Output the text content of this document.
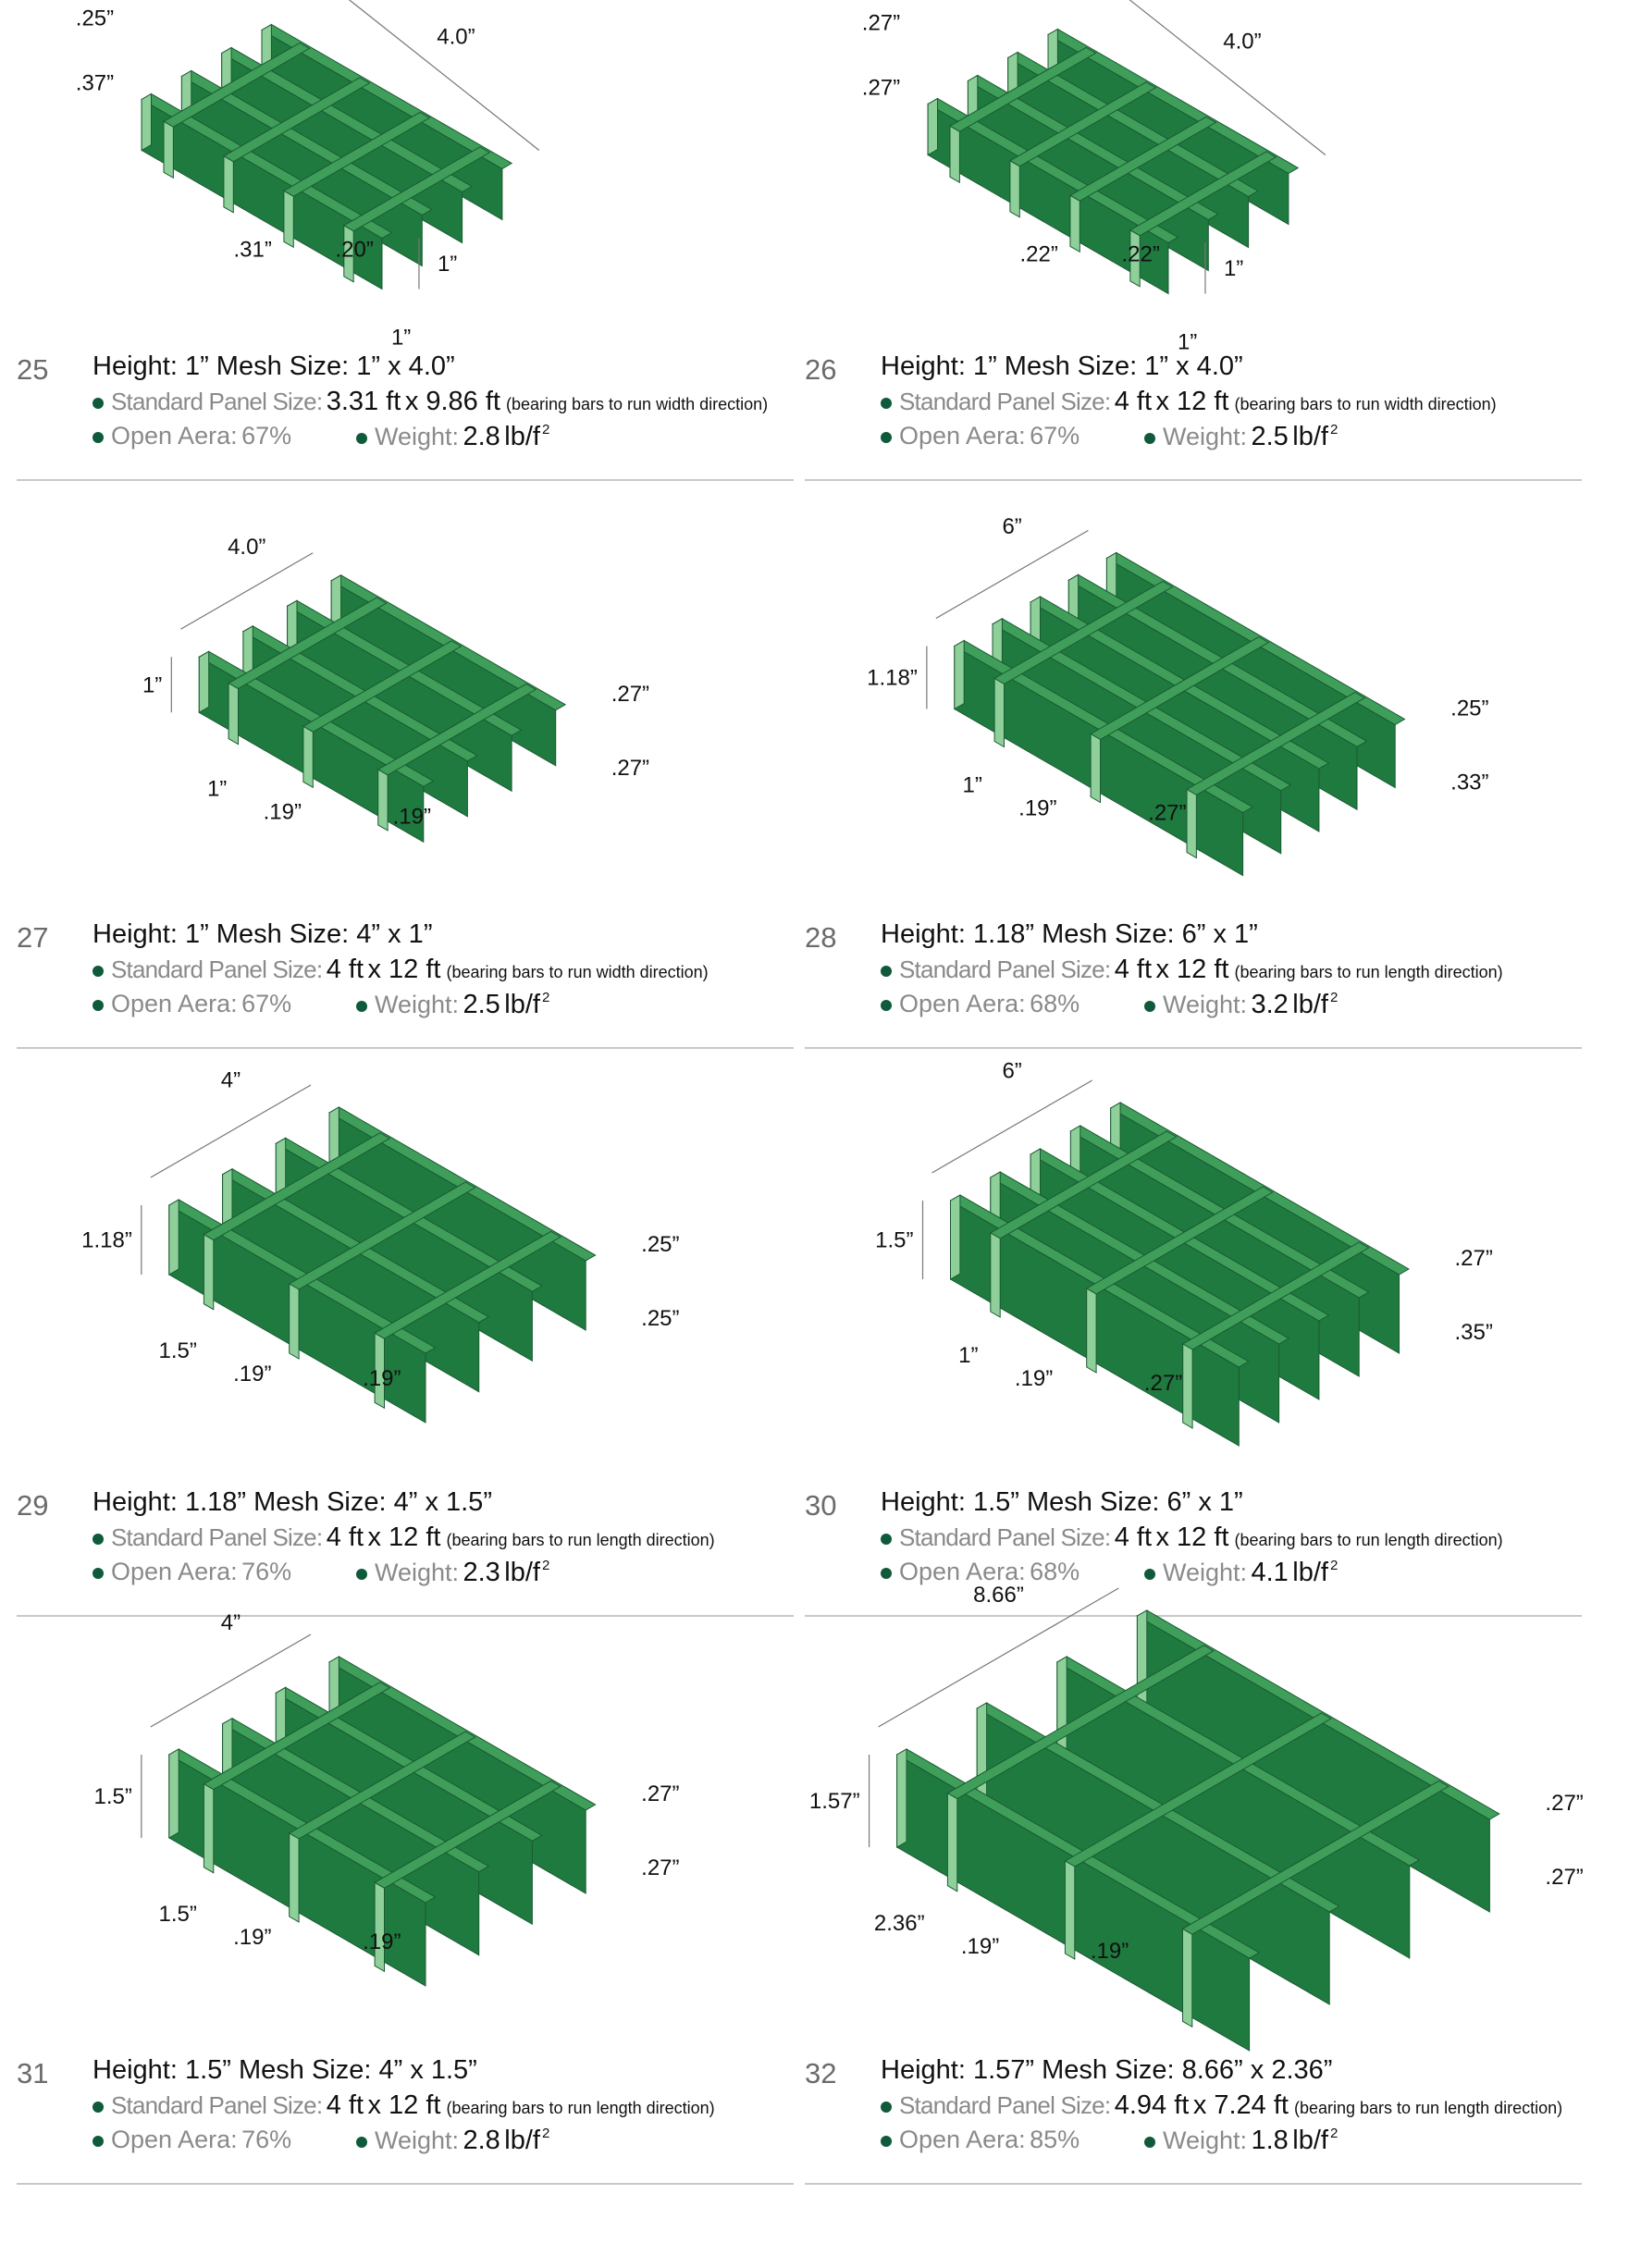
4.0”
.25”
.37”
1”
1”
.31”	.20”
25 Height: 1” Mesh Size: 1” x 4.0”
Standard Panel Size: 3.31 ft x 9.86 ft (bearing bars to run width direction)
Open Aera: 67%	Weight: 2.8 lb/f 2
4.0”
.27”
.27”
1”
1”
.22”	.22”
26 Height: 1” Mesh Size: 1” x 4.0”
Standard Panel Size: 4 ft x 12 ft (bearing bars to run width direction)
Open Aera: 67%	Weight: 2.5 lb/f 2
4.0”
.27”
.27”
1”
1”
.19”	.19”
27 Height: 1” Mesh Size: 4” x 1”
Standard Panel Size: 4 ft x 12 ft (bearing bars to run width direction)
Open Aera: 67%	Weight: 2.5 lb/f 2
6”
.25”
.33”
1.18”
1”
.19”	.27”
28 Height: 1.18” Mesh Size: 6” x 1”
Standard Panel Size: 4 ft x 12 ft (bearing bars to run length direction)
Open Aera: 68%	Weight: 3.2 lb/f 2
4”
.25”
.25”
1.18”
1.5”
.19”	.19”
29 Height: 1.18” Mesh Size: 4” x 1.5”
Standard Panel Size: 4 ft x 12 ft (bearing bars to run length direction)
Open Aera: 76%	Weight: 2.3 lb/f 2
6”
.27”
.35”
1.5”
1”
.19”	.27”
30 Height: 1.5” Mesh Size: 6” x 1”
Standard Panel Size: 4 ft x 12 ft (bearing bars to run length direction)
Open Aera: 68%	Weight: 4.1 lb/f 2
4”
.27”
.27”
1.5”
1.5”
.19”	.19”
31 Height: 1.5” Mesh Size: 4” x 1.5”
Standard Panel Size: 4 ft x 12 ft (bearing bars to run length direction)
Open Aera: 76%	Weight: 2.8 lb/f 2
8.66”
.27”
.27”
1.57”
2.36”
.19”	.19”
32 Height: 1.57” Mesh Size: 8.66” x 2.36”
Standard Panel Size: 4.94 ft x 7.24 ft (bearing bars to run length direction)
Open Aera: 85%	Weight: 1.8 lb/f 2
